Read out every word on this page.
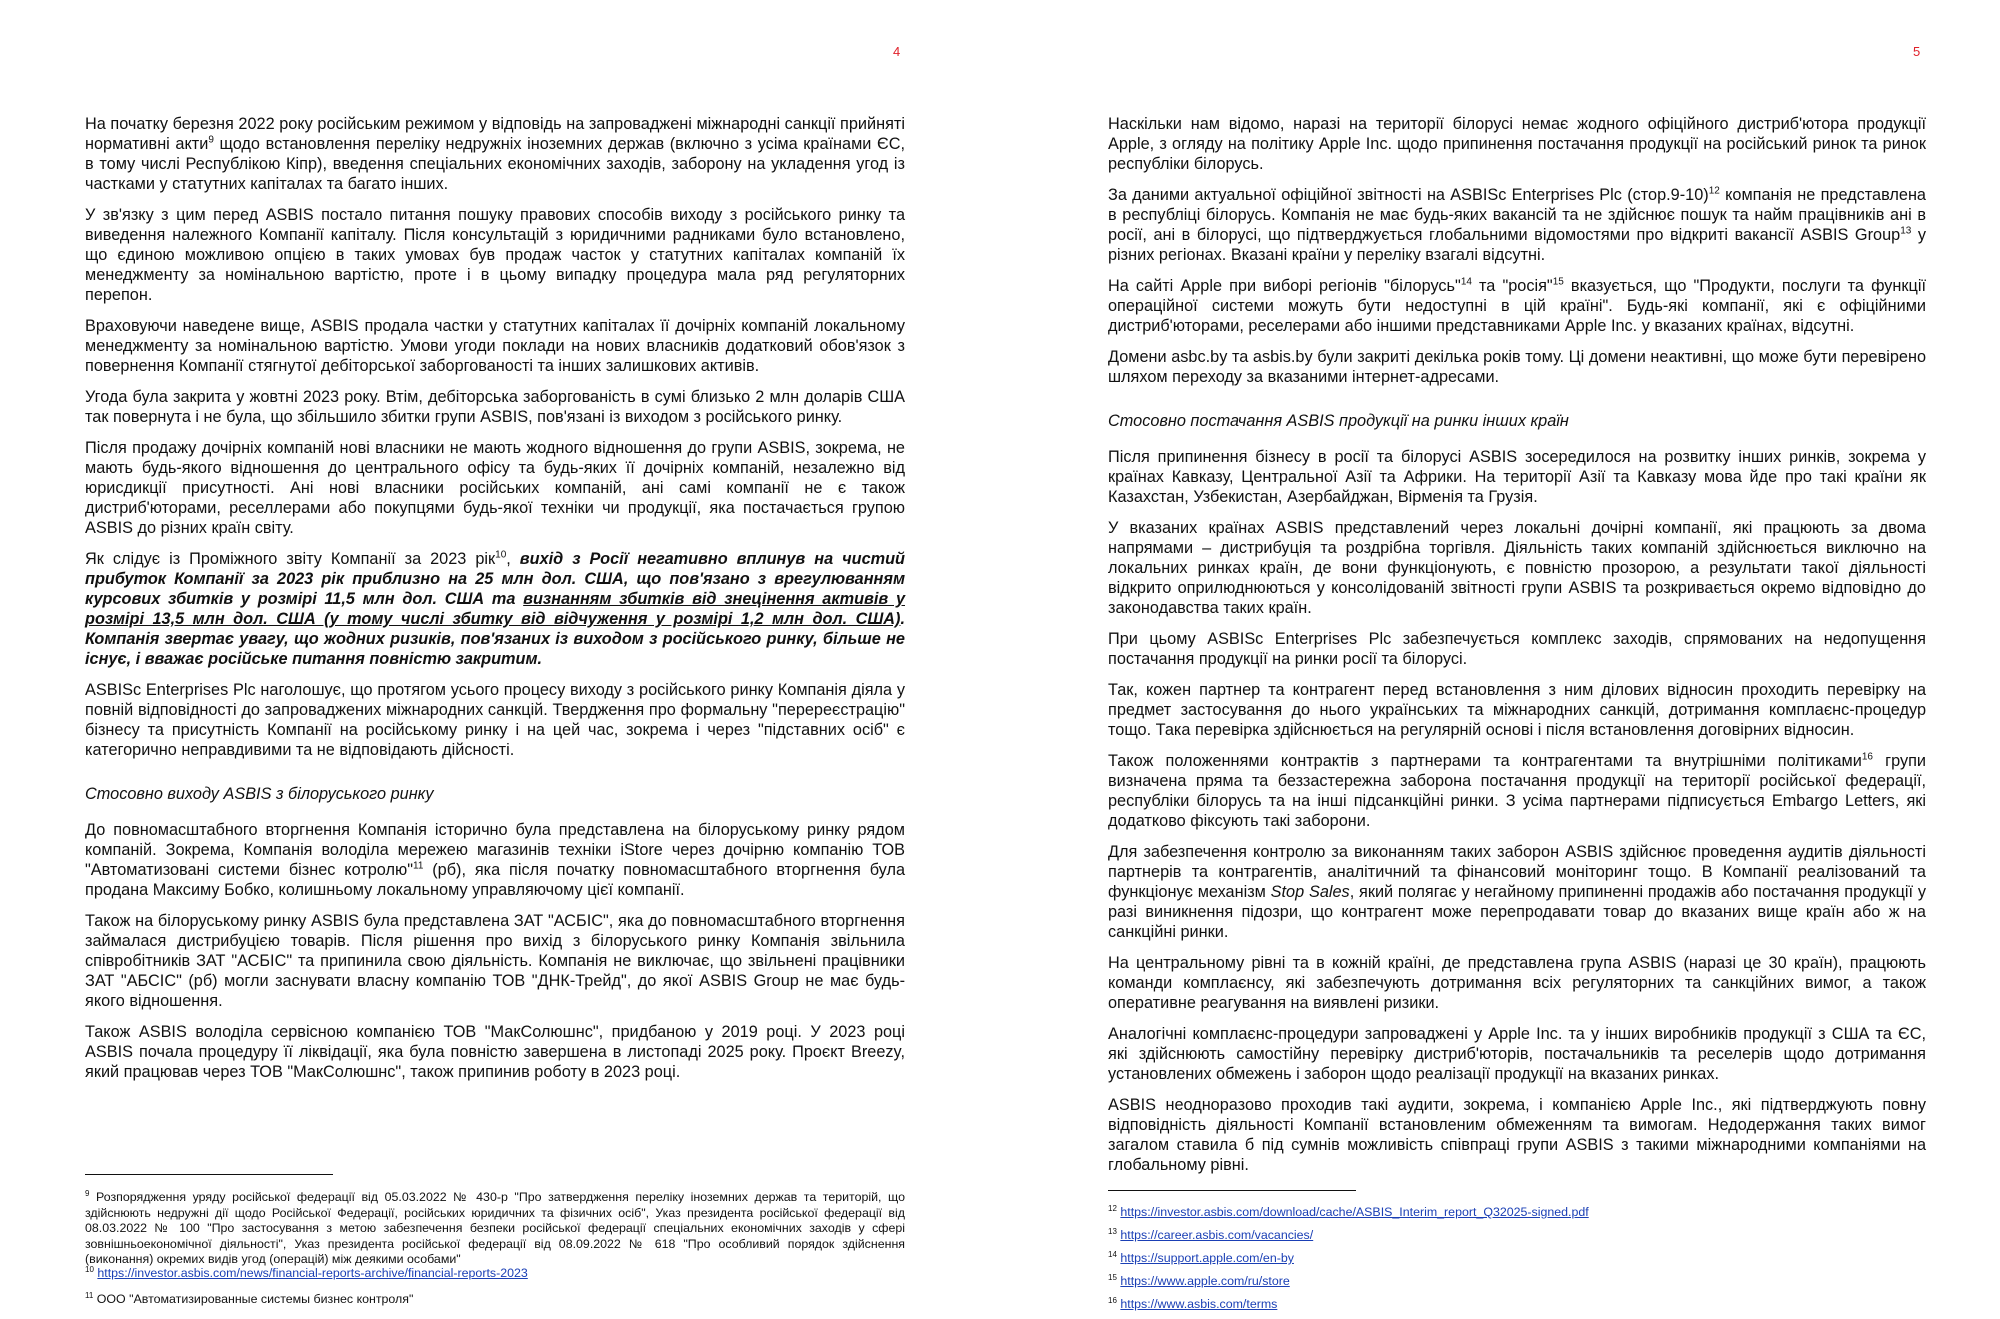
4

На початку березня 2022 року російським режимом у відповідь на запроваджені міжнародні санкції прийняті нормативні акти$^9$ щодо встановлення переліку недружніх іноземних держав (включно з усіма країнами ЄС, в тому числі Республікою Кіпр), введення спеціальних економічних заходів, заборону на укладення угод із частками у статутних капіталах та багато інших.

У зв'язку з цим перед ASBIS постало питання пошуку правових способів виходу з російського ринку та виведення належного Компанії капіталу. Після консультацій з юридичними радниками було встановлено, що єдиною можливою опцією в таких умовах був продаж часток у статутних капіталах компаній їх менеджменту за номінальною вартістю, проте і в цьому випадку процедура мала ряд регуляторних перепон.

Враховуючи наведене вище, ASBIS продала частки у статутних капіталах її дочірніх компаній локальному менеджменту за номінальною вартістю. Умови угоди поклади на нових власників додатковий обов'язок з повернення Компанії стягнутої дебіторської заборгованості та інших залишкових активів.

Угода була закрита у жовтні 2023 року. Втім, дебіторська заборгованість в сумі близько 2 млн доларів США так повернута і не була, що збільшило збитки групи ASBIS, пов'язані із виходом з російського ринку.

Після продажу дочірніх компаній нові власники не мають жодного відношення до групи ASBIS, зокрема, не мають будь-якого відношення до центрального офісу та будь-яких її дочірніх компаній, незалежно від юрисдикції присутності. Ані нові власники російських компаній, ані самі компанії не є також дистриб'юторами, реселлерами або покупцями будь-якої техніки чи продукції, яка постачається групою ASBIS до різних країн світу.

Як слідує із Проміжного звіту Компанії за 2023 рік$^{10}$, вихід з Росії негативно вплинув на чистий прибуток Компанії за 2023 рік приблизно на 25 млн дол. США, що пов'язано з врегулюванням курсових збитків у розмірі 11,5 млн дол. США та визнанням збитків від знецінення активів у розмірі 13,5 млн дол. США (у тому числі збитку від відчуження у розмірі 1,2 млн дол. США). Компанія звертає увагу, що жодних ризиків, пов'язаних із виходом з російського ринку, більше не існує, і вважає російське питання повністю закритим.

ASBISc Enterprises Plc наголошує, що протягом усього процесу виходу з російського ринку Компанія діяла у повній відповідності до запроваджених міжнародних санкцій. Твердження про формальну "перереєстрацію" бізнесу та присутність Компанії на російському ринку і на цей час, зокрема і через "підставних осіб" є категорично неправдивими та не відповідають дійсності.

Стосовно виходу ASBIS з білоруського ринку

До повномасштабного вторгнення Компанія історично була представлена на білоруському ринку рядом компаній. Зокрема, Компанія володіла мережею магазинів техніки iStore через дочірню компанію ТОВ "Автоматизовані системи бізнес котролю"$^{11}$ (рб), яка після початку повномасштабного вторгнення була продана Максиму Бобко, колишньому локальному управляючому цієї компанії.

Також на білоруському ринку ASBIS була представлена ЗАТ "АСБІС", яка до повномасштабного вторгнення займалася дистрибуцією товарів. Після рішення про вихід з білоруського ринку Компанія звільнила співробітників ЗАТ "АСБІС" та припинила свою діяльність. Компанія не виключає, що звільнені працівники ЗАТ "АБСІС" (рб) могли заснувати власну компанію ТОВ "ДНК-Трейд", до якої ASBIS Group не має будь-якого відношення.

Також ASBIS володіла сервісною компанією ТОВ "МакСолюшнс", придбаною у 2019 році. У 2023 році ASBIS почала процедуру її ліквідації, яка була повністю завершена в листопаді 2025 року. Проєкт Breezy, який працював через ТОВ "МакСолюшнс", також припинив роботу в 2023 році.

$^9$ Розпорядження уряду російської федерації від 05.03.2022 № 430-р "Про затвердження переліку іноземних держав та територій, що здійснюють недружні дії щодо Російської Федерації, російських юридичних та фізичних осіб", Указ президента російської федерації від 08.03.2022 № 100 "Про застосування з метою забезпечення безпеки російської федерації спеціальних економічних заходів у сфері зовнішньоекономічної діяльності", Указ президента російської федерації від 08.09.2022 № 618 "Про особливий порядок здійснення (виконання) окремих видів угод (операцій) між деякими особами"
$^{10}$ https://investor.asbis.com/news/financial-reports-archive/financial-reports-2023
$^{11}$ ООО "Автоматизированные системы бизнес контроля"
5

Наскільки нам відомо, наразі на території білорусі немає жодного офіційного дистриб'ютора продукції Apple, з огляду на політику Apple Inc. щодо припинення постачання продукції на російський ринок та ринок республіки білорусь.

За даними актуальної офіційної звітності на ASBISc Enterprises Plc (стор.9-10)$^{12}$ компанія не представлена в республіці білорусь. Компанія не має будь-яких вакансій та не здійснює пошук та найм працівників ані в росії, ані в білорусі, що підтверджується глобальними відомостями про відкриті вакансії ASBIS Group$^{13}$ у різних регіонах. Вказані країни у переліку взагалі відсутні.

На сайті Apple при виборі регіонів "білорусь"$^{14}$ та "росія"$^{15}$ вказується, що "Продукти, послуги та функції операційної системи можуть бути недоступні в цій країні". Будь-які компанії, які є офіційними дистриб'юторами, реселерами або іншими представниками Apple Inc. у вказаних країнах, відсутні.

Домени asbc.by та asbis.by були закриті декілька років тому. Ці домени неактивні, що може бути перевірено шляхом переходу за вказаними інтернет-адресами.

Стосовно постачання ASBIS продукції на ринки інших країн

Після припинення бізнесу в росії та білорусі ASBIS зосередилося на розвитку інших ринків, зокрема у країнах Кавказу, Центральної Азії та Африки. На території Азії та Кавказу мова йде про такі країни як Казахстан, Узбекистан, Азербайджан, Вірменія та Грузія.

У вказаних країнах ASBIS представлений через локальні дочірні компанії, які працюють за двома напрямами – дистрибуція та роздрібна торгівля. Діяльність таких компаній здійснюється виключно на локальних ринках країн, де вони функціонують, є повністю прозорою, а результати такої діяльності відкрито оприлюднюються у консолідованій звітності групи ASBIS та розкривається окремо відповідно до законодавства таких країн.

При цьому ASBISc Enterprises Plc забезпечується комплекс заходів, спрямованих на недопущення постачання продукції на ринки росії та білорусі.

Так, кожен партнер та контрагент перед встановлення з ним ділових відносин проходить перевірку на предмет застосування до нього українських та міжнародних санкцій, дотримання комплаєнс-процедур тощо. Така перевірка здійснюється на регулярній основі і після встановлення договірних відносин.

Також положеннями контрактів з партнерами та контрагентами та внутрішніми політиками$^{16}$ групи визначена пряма та беззастережна заборона постачання продукції на території російської федерації, республіки білорусь та на інші підсанкційні ринки. З усіма партнерами підписується Embargo Letters, які додатково фіксують такі заборони.

Для забезпечення контролю за виконанням таких заборон ASBIS здійснює проведення аудитів діяльності партнерів та контрагентів, аналітичний та фінансовий моніторинг тощо. В Компанії реалізований та функціонує механізм Stop Sales, який полягає у негайному припиненні продажів або постачання продукції у разі виникнення підозри, що контрагент може перепродавати товар до вказаних вище країн або ж на санкційні ринки.

На центральному рівні та в кожній країні, де представлена група ASBIS (наразі це 30 країн), працюють команди комплаєнсу, які забезпечують дотримання всіх регуляторних та санкційних вимог, а також оперативне реагування на виявлені ризики.

Аналогічні комплаєнс-процедури запроваджені у Apple Inc. та у інших виробників продукції з США та ЄС, які здійснюють самостійну перевірку дистриб'юторів, постачальників та реселерів щодо дотримання установлених обмежень і заборон щодо реалізації продукції на вказаних ринках.

ASBIS неодноразово проходив такі аудити, зокрема, і компанією Apple Inc., які підтверджують повну відповідність діяльності Компанії встановленим обмеженням та вимогам. Недодержання таких вимог загалом ставила б під сумнів можливість співпраці групи ASBIS з такими міжнародними компаніями на глобальному рівні.

$^{12}$ https://investor.asbis.com/download/cache/ASBIS_Interim_report_Q32025-signed.pdf
$^{13}$ https://career.asbis.com/vacancies/
$^{14}$ https://support.apple.com/en-by
$^{15}$ https://www.apple.com/ru/store
$^{16}$ https://www.asbis.com/terms
